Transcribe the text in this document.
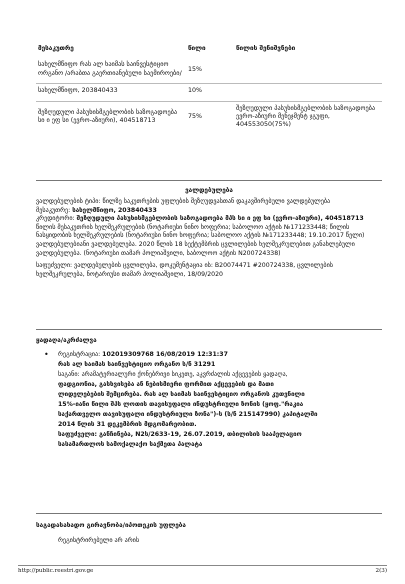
მესაკუთრე	წილი	წილის შენიშვნები
სახელმწიფო რას ალ ხაიმას საინვესტიციო ორგანო /არაბთა გაერთიანებული საემიროები/	15%	
სახელმწიფო, 203840433	10%	
შეზღუდული პასუხისმგებლობის საზოგადოება სი ი ეფ სი (ევრო-აზიური), 404518713	75%	შეზღუდული პასუხისმგებლობის საზოგადოება ევრო-აზიური მენეჯმენტ ჯგუფი, 404553050(75%)
ვალდებულება

ვალდებულების ტიპი: წილზე საკუთრების უფლების შეზღუდვასთან დაკავშირებული ვალდებულება

მესაკუთრე: სახელმწიფო, 203840433

კრედიტორი: შეზღუდული პასუხისმგებლობის საზოგადოება მპს სი ი ეფ სი (ევრო-აზიური), 404518713

წილის მესაკუთრის ხელშეკრულების (ნოტარიუსი ნინო ხოფერია; საბოლოო აქტის №171233448; წილის ნასყიდობის ხელშეკრულების (ნოტარიუსი ნინო ხოფერია; საბოლოო აქტის №171233448; 19.10.2017 წელი) ვალდებულებიანი ვალდებულება. 2020 წლის 18 სექტემბრის ცვლილების ხელშეკრულებით განახლებული ვალდებულება. (ნოტარიუსი თამარ პოლიაშვილი, საბოლოო აქტის N200724338)

საფუძველი: ვალდებულების ცვლილება, დოკუმენტაცია ის: B20074471 #200724338, ცვლილების ხელშეკრულება, ნოტარიუსი თამარ პოლიაშვილი, 18/09/2020

ყადაღა/აკრძალვა
• რეგისტრაცია: 102019309768 16/08/2019 12:31:37
რას ალ ხაიმას საინვესტიციო ორგანო ს/ნ 31291
საგანი: არამატერიალური ქონებრივი სიკეთე, აკვრძალის აქცევების ყადაღა,
ფადგიონია, გასხვისება ან ნებისმიერი ფორმით აქცევების და მათი
ლიდელებების შემცირება. რას ალ ხაიმას საინვესტიციო ორგანოს კუთვნილი
15%-იანი წილი შპს ლოთის თავისუფალი ინდუსტრიული ზონის (ყოფ."რაკია
საქართველო თავისუფალი ინდუსტრიული ზონა")-ს (ს/ნ 215147990) კაპიტალში
2014 წლის 31 დეკემბრის მდგომარეობით.
საფუძველი: განჩინება, N2ს/2633-19, 26.07.2019, თბილისის სააპელაციო
სასამართლოს სამოქალაქო საქმეთა პალატა
საგადასახადო გირავნობა/იპოთეკის უფლება
რეგისტრირებული არ არის
http://public.reestri.gov.ge	2(3)
